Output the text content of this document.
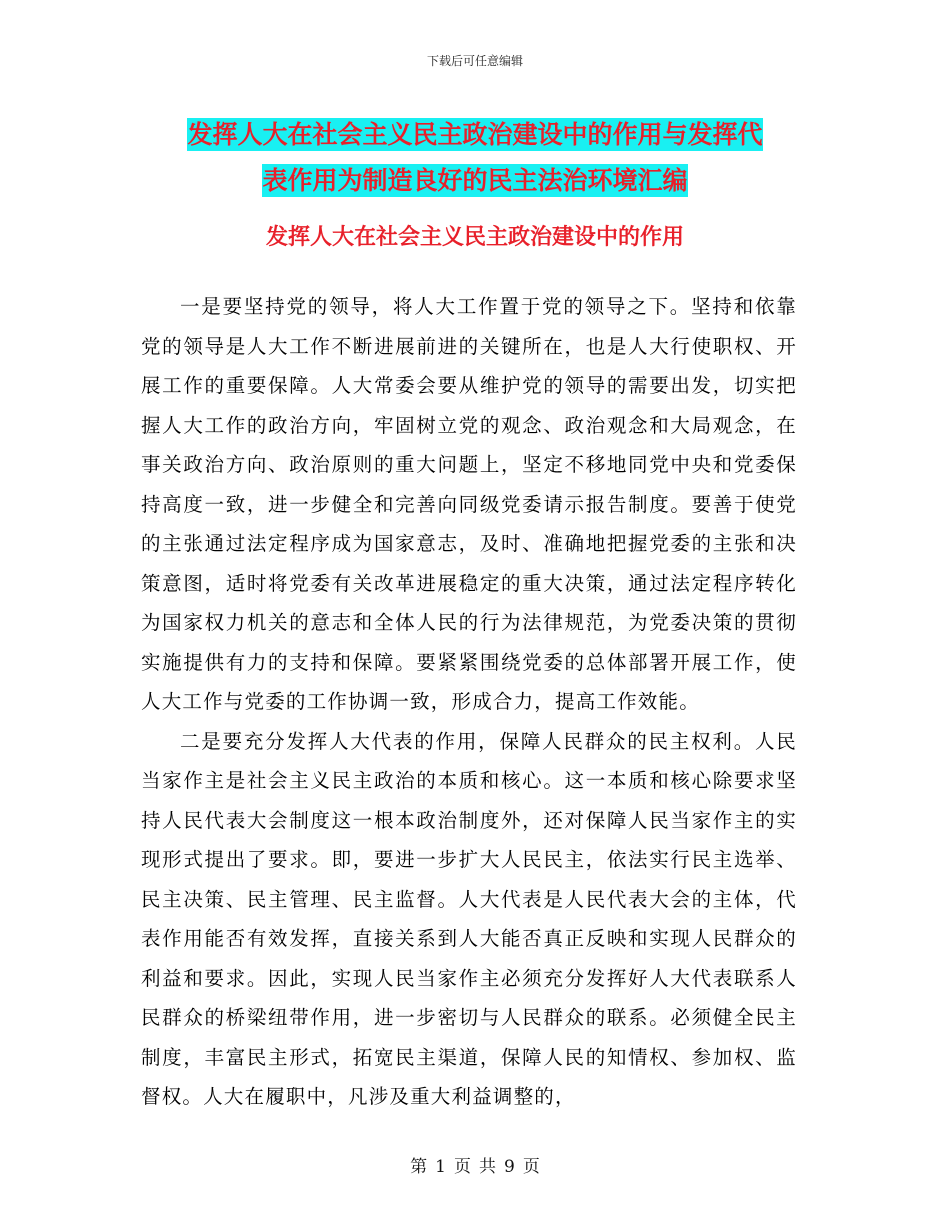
下载后可任意编辑
发挥人大在社会主义民主政治建设中的作用与发挥代
表作用为制造良好的民主法治环境汇编
发挥人大在社会主义民主政治建设中的作用

一是要坚持党的领导，将人大工作置于党的领导之下。坚持和依靠党的领导是人大工作不断进展前进的关键所在，也是人大行使职权、开展工作的重要保障。人大常委会要从维护党的领导的需要出发，切实把握人大工作的政治方向，牢固树立党的观念、政治观念和大局观念，在事关政治方向、政治原则的重大问题上，坚定不移地同党中央和党委保持高度一致，进一步健全和完善向同级党委请示报告制度。要善于使党的主张通过法定程序成为国家意志，及时、准确地把握党委的主张和决策意图，适时将党委有关改革进展稳定的重大决策，通过法定程序转化为国家权力机关的意志和全体人民的行为法律规范，为党委决策的贯彻实施提供有力的支持和保障。要紧紧围绕党委的总体部署开展工作，使人大工作与党委的工作协调一致，形成合力，提高工作效能。

二是要充分发挥人大代表的作用，保障人民群众的民主权利。人民当家作主是社会主义民主政治的本质和核心。这一本质和核心除要求坚持人民代表大会制度这一根本政治制度外，还对保障人民当家作主的实现形式提出了要求。即，要进一步扩大人民民主，依法实行民主选举、民主决策、民主管理、民主监督。人大代表是人民代表大会的主体，代表作用能否有效发挥，直接关系到人大能否真正反映和实现人民群众的利益和要求。因此，实现人民当家作主必须充分发挥好人大代表联系人民群众的桥梁纽带作用，进一步密切与人民群众的联系。必须健全民主制度，丰富民主形式，拓宽民主渠道，保障人民的知情权、参加权、监督权。人大在履职中，凡涉及重大利益调整的，

第 1 页 共 9 页
